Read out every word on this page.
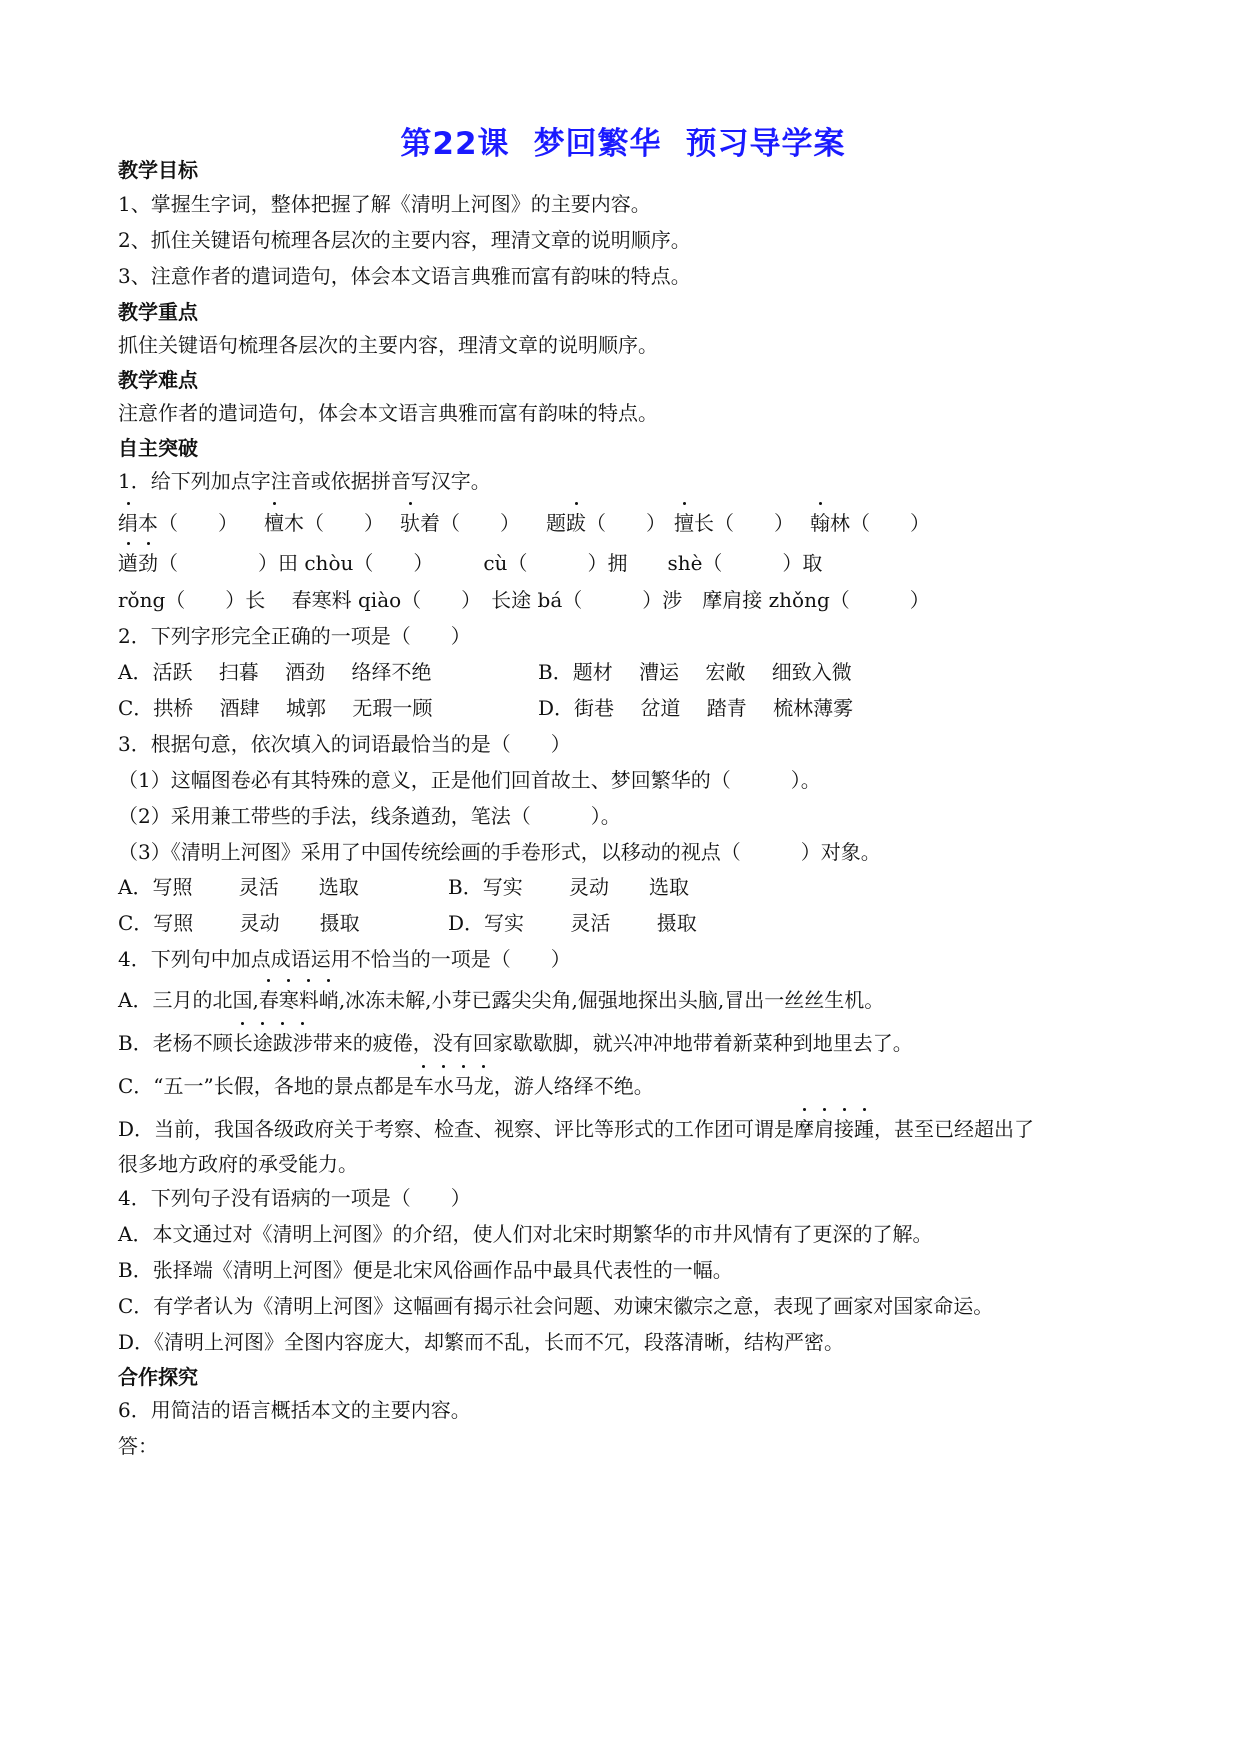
第22课 梦回繁华 预习导学案
教学目标
1、掌握生字词，整体把握了解《清明上河图》的主要内容。
2、抓住关键语句梳理各层次的主要内容，理清文章的说明顺序。
3、注意作者的遣词造句，体会本文语言典雅而富有韵味的特点。
教学重点
抓住关键语句梳理各层次的主要内容，理清文章的说明顺序。
教学难点
注意作者的遣词造句，体会本文语言典雅而富有韵味的特点。
自主突破
1．给下列加点字注音或依据拼音写汉字。
绢本（　　） 檀木（　　） 驮着（　　） 题跋（　　） 擅长（　　） 翰林（　　）
遒劲（　　　　）田 chòu（　　）　　　cù（　　　）拥　　shè（　　　）取
rǒng（　　）长　 春寒料 qiào（　　）　长途 bá（　　　）涉　摩肩接 zhǒng（　　　）
2．下列字形完全正确的一项是（　　）
A．活跃　 扫暮　 酒劲　 络绎不绝	B．题材　 漕运　 宏敞　 细致入微
C．拱桥　 酒肆　 城郭　 无瑕一顾	D．街巷　 岔道　 踏青　 梳林薄雾
3．根据句意，依次填入的词语最恰当的是（　　）
（1）这幅图卷必有其特殊的意义，正是他们回首故土、梦回繁华的（　　　）。
（2）采用兼工带些的手法，线条遒劲，笔法（　　　）。
（3）《清明上河图》采用了中国传统绘画的手卷形式，以移动的视点（　　　）对象。
A．写照　　 灵活　　选取	B．写实　　 灵动　　选取
C．写照　　 灵动　　摄取	D．写实　　 灵活　　 摄取
4．下列句中加点成语运用不恰当的一项是（　　）
A．三月的北国,春寒料峭,冰冻未解,小芽已露尖尖角,倔强地探出头脑,冒出一丝丝生机。
B．老杨不顾长途跋涉带来的疲倦，没有回家歇歇脚，就兴冲冲地带着新菜种到地里去了。
C．“五一”长假，各地的景点都是车水马龙，游人络绎不绝。
D．当前，我国各级政府关于考察、检查、视察、评比等形式的工作团可谓是摩肩接踵，甚至已经超出了
很多地方政府的承受能力。
4．下列句子没有语病的一项是（　　）
A．本文通过对《清明上河图》的介绍，使人们对北宋时期繁华的市井风情有了更深的了解。
B．张择端《清明上河图》便是北宋风俗画作品中最具代表性的一幅。
C．有学者认为《清明上河图》这幅画有揭示社会问题、劝谏宋徽宗之意，表现了画家对国家命运。
D．《清明上河图》全图内容庞大，却繁而不乱，长而不冗，段落清晰，结构严密。
合作探究
6．用简洁的语言概括本文的主要内容。
答：
